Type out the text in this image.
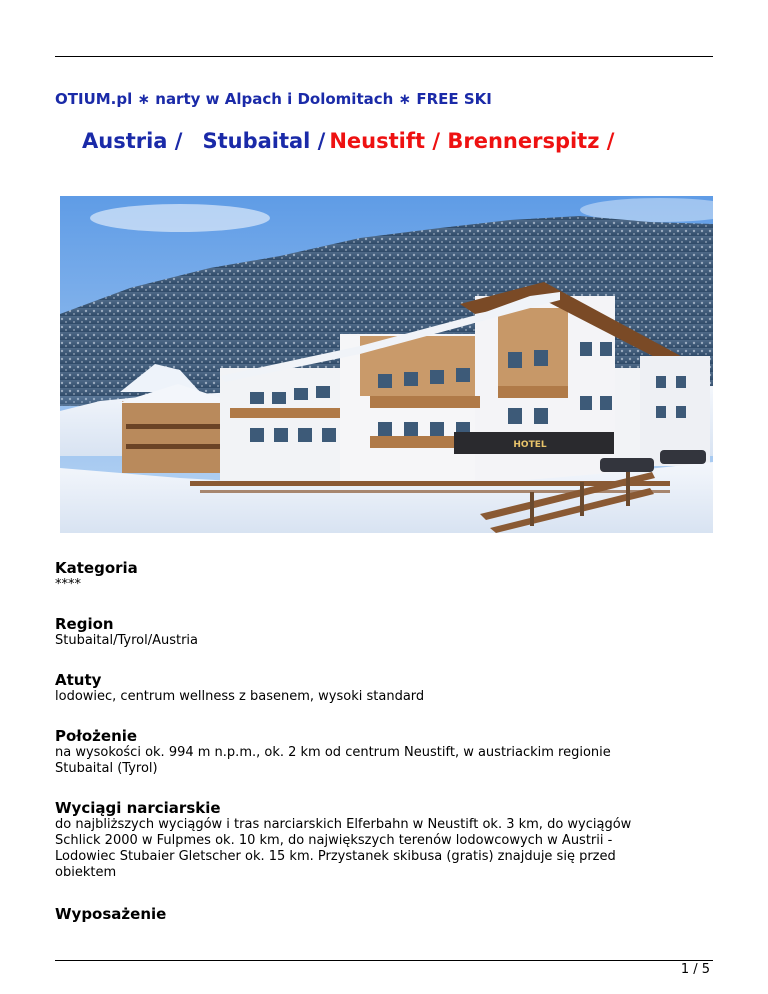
OTIUM.pl ∗ narty w Alpach i Dolomitach ∗ FREE SKI
Austria / Stubaital / Neustift / Brennerspitz /
HOTEL
Kategoria

****

Region

Stubaital/Tyrol/Austria

Atuty

lodowiec, centrum wellness z basenem, wysoki standard

Położenie

na wysokości ok. 994 m n.p.m., ok. 2 km od centrum Neustift, w austriackim regionie
Stubaital (Tyrol)

Wyciągi narciarskie

do najbliższych wyciągów i tras narciarskich Elferbahn w Neustift ok. 3 km, do wyciągów
Schlick 2000 w Fulpmes ok. 10 km, do największych terenów lodowcowych w Austrii -
Lodowiec Stubaier Gletscher ok. 15 km. Przystanek skibusa (gratis) znajduje się przed
obiektem

Wyposażenie
1 / 5
